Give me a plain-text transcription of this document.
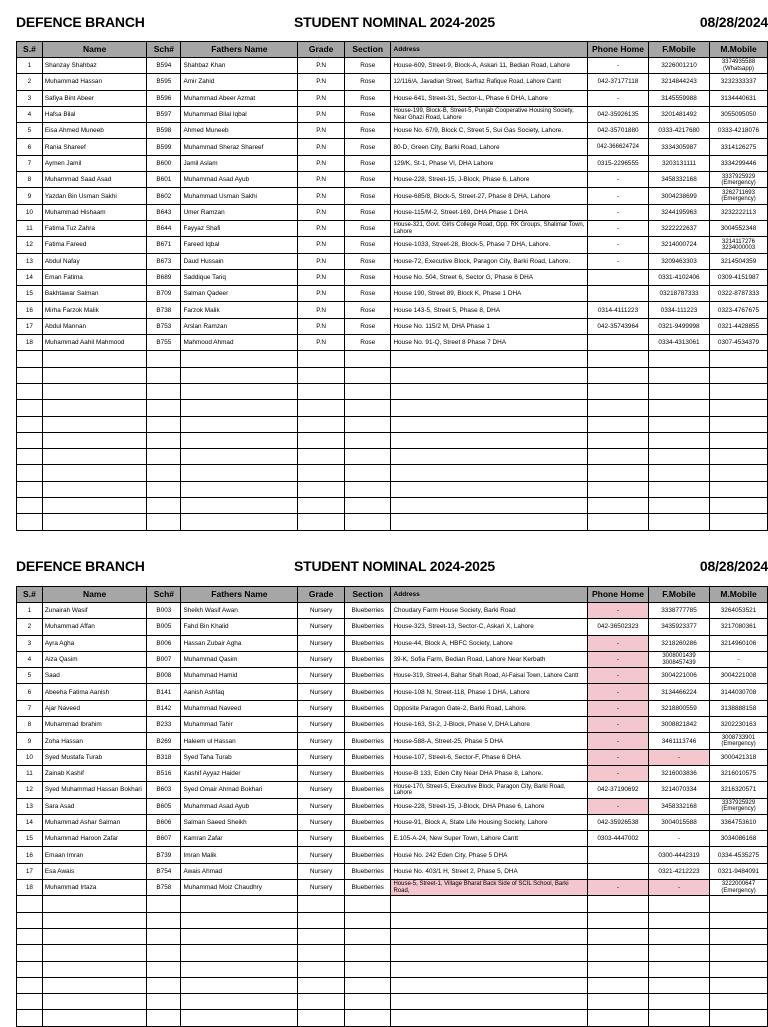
DEFENCE BRANCH	STUDENT NOMINAL 2024-2025	08/28/2024
S.#	Name	Sch#	Fathers Name	Grade	Section	Address	Phone Home	F.Mobile	M.Mobile
1	Shanzay Shahbaz	B594	Shahbaz Khan	P.N	Rose	House-609, Street-9, Block-A, Askari 11, Bedian Road, Lahore	-	3226001210	3374935588 (Whatsapp)
2	Muhammad Hassan	B595	Amir Zahid	P.N	Rose	12/116/A, Javadian Street, Sarfraz Rafique Road, Lahore Cantt	042-37177118	3214844243	3232333337
3	Safiya Bint Abeer	B596	Muhammad Abeer Azmat	P.N	Rose	House-641, Street-31, Sector-L, Phase 6 DHA, Lahore	-	3145559988	3134440631
4	Hafsa Bilal	B597	Muhammad Bilal Iqbal	P.N	Rose	House-199, Block-B, Street-5, Punjab Cooperative Housing Society, Near Ghazi Road, Lahore	042-35926135	3201481492	3055095050
5	Eisa Ahmed Muneeb	B598	Ahmed Muneeb	P.N	Rose	House No. 67/9, Block C, Street 5, Sui Gas Society, Lahore.	042-35701880	0333-4217680	0333-4218076
6	Rania Shareef	B599	Muhammad Sheraz Shareef	P.N	Rose	80-D, Green City, Barki Road, Lahore	042-366624724	3334305987	3314126275
7	Aymen Jamil	B600	Jamil Aslam	P.N	Rose	129/K, St-1, Phase VI, DHA Lahore	0315-2296555	3203131111	3334299446
8	Muhammad Saad Asad	B601	Muhammad Asad Ayub	P.N	Rose	House-228, Street-15, J-Block, Phase 6, Lahore	-	3458332168	3337925929 (Emergency)
9	Yazdan Bin Usman Sakhi	B602	Muhammad Usman Sakhi	P.N	Rose	House-685/8, Block-5, Street-27, Phase 8 DHA, Lahore	-	3004238699	3262711693 (Emergency)
10	Muhammad Hishaam	B643	Umer Ramzan	P.N	Rose	House-115/M-2, Street-169, DHA Phase 1 DHA	-	3244195963	3232222113
11	Fatima Tuz Zahra	B644	Fayyaz Shafi	P.N	Rose	House-321, Govt. Girls College Road, Opp. RK Groups, Shalimar Town, Lahore	-	3222222637	3004552348
12	Fatima Fareed	B671	Fareed Iqbal	P.N	Rose	House-1033, Street-28, Block-5, Phase 7 DHA, Lahore.	-	3214000724	3214117276 3234000003
13	Abdul Nafay	B673	Daud Hussain	P.N	Rose	House-72, Executive Block, Paragon City, Barki Road, Lahore.	-	3209463303	3214504359
14	Eman Fatima	B689	Saddique Tariq	P.N	Rose	House No. 504, Street 6, Sector G, Phase 6 DHA		0331-4102406	0309-4151987
15	Bakhtawar Salman	B709	Salman Qadeer	P.N	Rose	House 190, Street 89, Block K, Phase 1 DHA		03218787333	0322-8787333
16	Mirha Farzok Malik	B738	Farzok Malik	P.N	Rose	House 143-5, Street 5, Phase 8, DHA	0314-4111223	0334-111223	0323-4767675
17	Abdul Mannan	B753	Arslan Ramzan	P.N	Rose	House No. 115/2 M, DHA Phase 1	042-35743964	0321-9499998	0321-4428855
18	Muhammad Aahil Mahmood	B755	Mahmood Ahmad	P.N	Rose	House No. 91-Q, Street 8 Phase 7 DHA		0334-4313061	0307-4534379

DEFENCE BRANCH	STUDENT NOMINAL 2024-2025	08/28/2024
S.#	Name	Sch#	Fathers Name	Grade	Section	Address	Phone Home	F.Mobile	M.Mobile
1	Zunairah Wasif	B003	Sheikh Wasif Awan	Nursery	Blueberries	Choudary Farm House Society, Barki Road	-	3338777785	3264053521
2	Muhammad Affan	B005	Fahd Bin Khalid	Nursery	Blueberries	House-323, Street-13, Sector-C, Askari X, Lahore	042-36502323	3435923377	3217080361
3	Ayra Agha	B006	Hassan Zubair Agha	Nursery	Blueberries	House-44, Block A, HBFC Society, Lahore	-	3218260286	3214960106
4	Aiza Qasim	B007	Muhammad Qasim	Nursery	Blueberries	39-K, Sofia Farm, Bedian Road, Lahore Near Kerbath	-	3008001439 3008457439	-
5	Saad	B008	Muhammad Hamid	Nursery	Blueberries	House-319, Street-4, Bahar Shah Road, Al-Faisal Town, Lahore Cantt	-	3004221006	3004221008
6	Abeeha Fatima Aanish	B141	Aanish Ashfaq	Nursery	Blueberries	House-108 N, Street-118, Phase 1 DHA, Lahore	-	3134466224	3144030708
7	Ajar Naveed	B142	Muhammad Naveed	Nursery	Blueberries	Opposite Paragon Gate-2, Barki Road, Lahore.	-	3218800559	3138888158
8	Muhammad Ibrahim	B233	Muhammad Tahir	Nursery	Blueberries	House-163, St-2, J-Block, Phase V, DHA Lahore	-	3008821842	3202230163
9	Zoha Hassan	B269	Haleem ul Hassan	Nursery	Blueberries	House-588-A, Street-25, Phase 5 DHA	-	3461113746	3008733901 (Emergency)
10	Syed Mustafa Turab	B318	Syed Taha Turab	Nursery	Blueberries	House-107, Street-6, Sector-F, Phase 6 DHA	-	-	3000421318
11	Zainab Kashif	B516	Kashif Ayyaz Haider	Nursery	Blueberries	House-B 133, Eden City Near DHA Phase 8, Lahore.	-	3216003836	3216010575
12	Syed Muhammad Hassan Bokhari	B603	Syed Omair Ahmad Bokhari	Nursery	Blueberries	House-170, Street-5, Executive Block, Paragon City, Barki Road, Lahore	042-37190692	3214070334	3216320571
13	Sara Asad	B605	Muhammad Asad Ayub	Nursery	Blueberries	House-228, Street-15, J-Block, DHA Phase 6, Lahore	-	3458332168	3337925929 (Emergency)
14	Muhammad Ashar Salman	B606	Salman Saeed Sheikh	Nursery	Blueberries	House-91, Block A, State Life Housing Society, Lahore	042-35926538	3004015588	3364753610
15	Muhammad Haroon Zafar	B607	Kamran Zafar	Nursery	Blueberries	E.105-A-24, New Super Town, Lahore Cantt	0303-4447002	-	3034086168
16	Emaan Imran	B739	Imran Malik	Nursery	Blueberries	House No. 242 Eden City, Phase 5 DHA		0300-4442319	0334-4535275
17	Esa Awais	B754	Awais Ahmad	Nursery	Blueberries	House No. 403/1 H, Street 2, Phase 5, DHA		0321-4212223	0321-9484091
18	Muhammad Irtaza	B758	Muhammad Moiz Chaudhry	Nursery	Blueberries	House-5, Street-1, Village Bharat Back Side of SCIL School, Barki Road,	-	-	3222000647 (Emergency)
